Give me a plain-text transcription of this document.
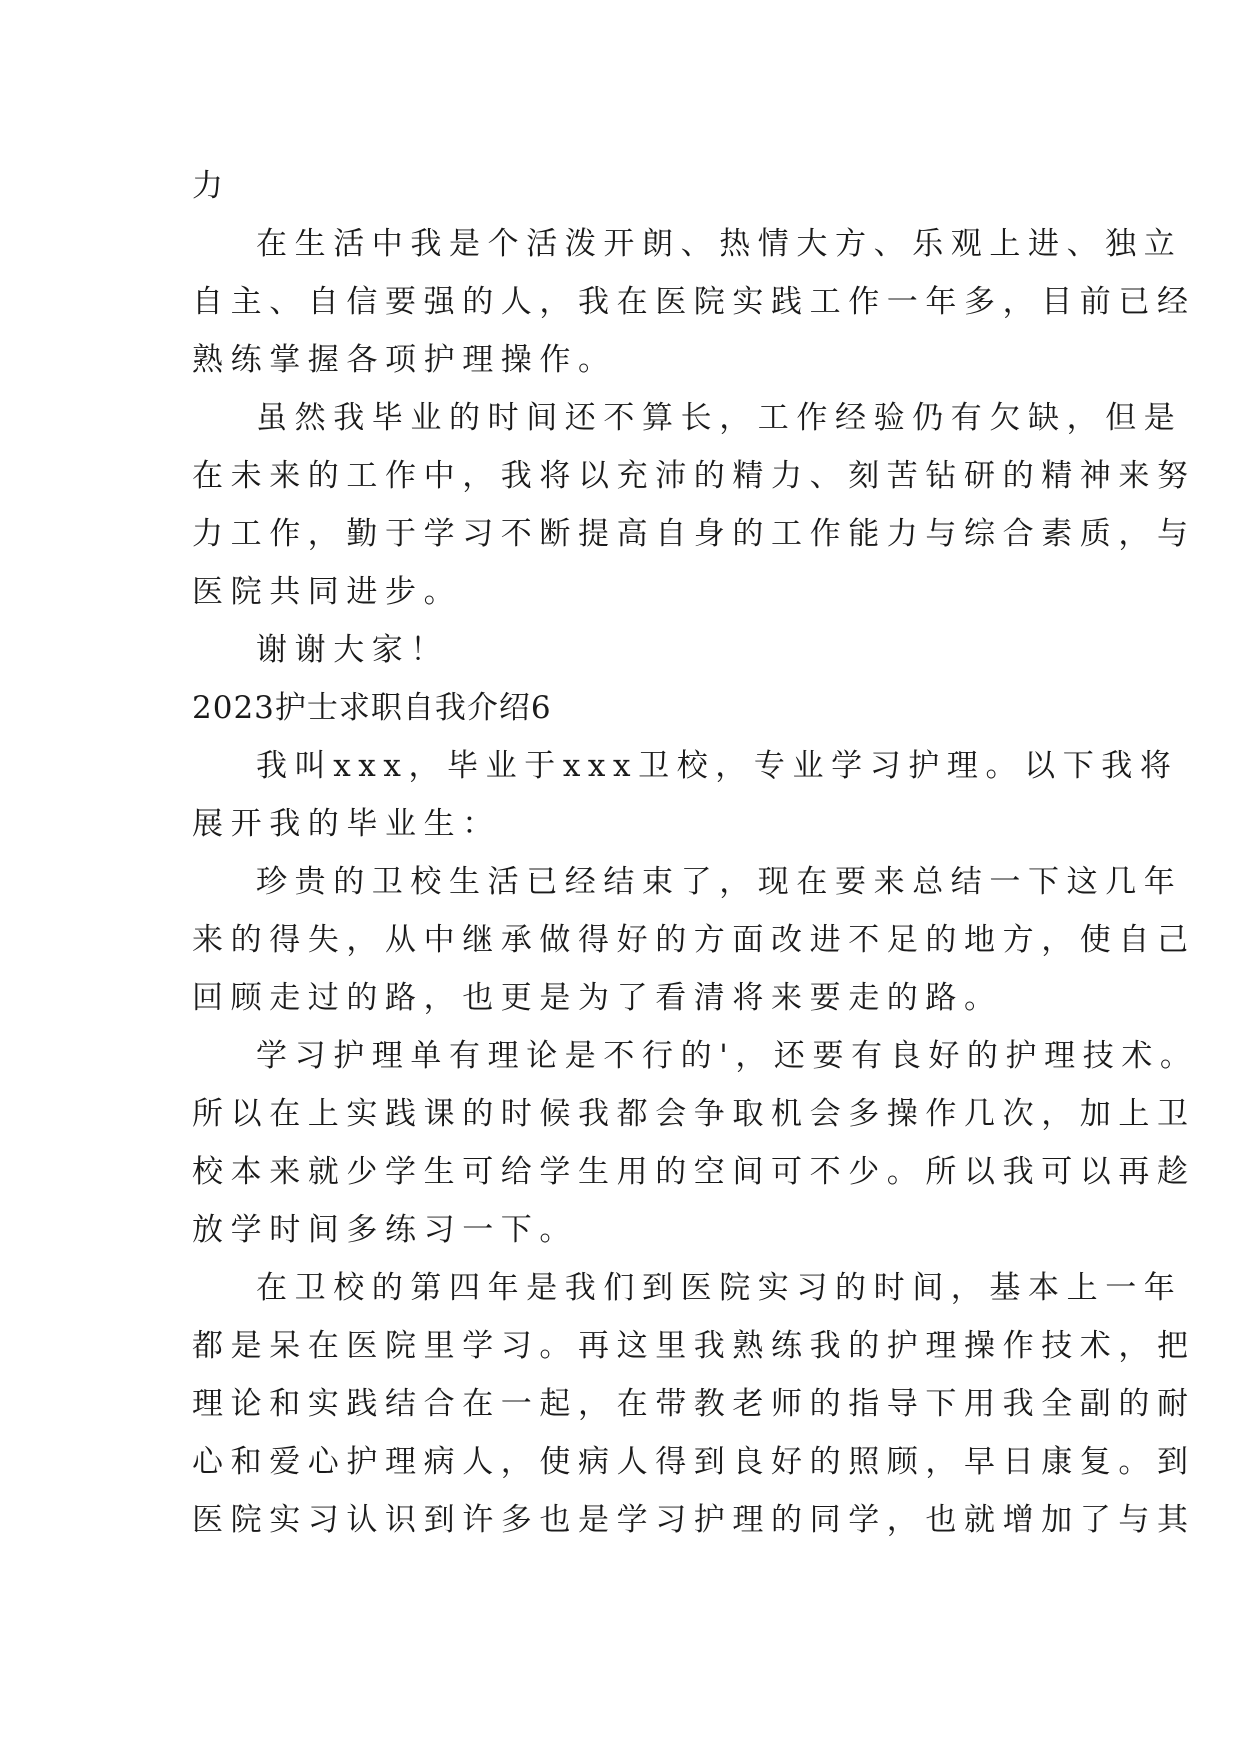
力
在生活中我是个活泼开朗、热情大方、乐观上进、独立
自主、自信要强的人，我在医院实践工作一年多，目前已经
熟练掌握各项护理操作。
虽然我毕业的时间还不算长，工作经验仍有欠缺，但是
在未来的工作中，我将以充沛的精力、刻苦钻研的精神来努
力工作，勤于学习不断提高自身的工作能力与综合素质，与
医院共同进步。
谢谢大家！
2023护士求职自我介绍6
我叫xxx，毕业于xxx卫校，专业学习护理。以下我将
展开我的毕业生：
珍贵的卫校生活已经结束了，现在要来总结一下这几年
来的得失，从中继承做得好的方面改进不足的地方，使自己
回顾走过的路，也更是为了看清将来要走的路。
学习护理单有理论是不行的'，还要有良好的护理技术。
所以在上实践课的时候我都会争取机会多操作几次，加上卫
校本来就少学生可给学生用的空间可不少。所以我可以再趁
放学时间多练习一下。
在卫校的第四年是我们到医院实习的时间，基本上一年
都是呆在医院里学习。再这里我熟练我的护理操作技术，把
理论和实践结合在一起，在带教老师的指导下用我全副的耐
心和爱心护理病人，使病人得到良好的照顾，早日康复。到
医院实习认识到许多也是学习护理的同学，也就增加了与其
